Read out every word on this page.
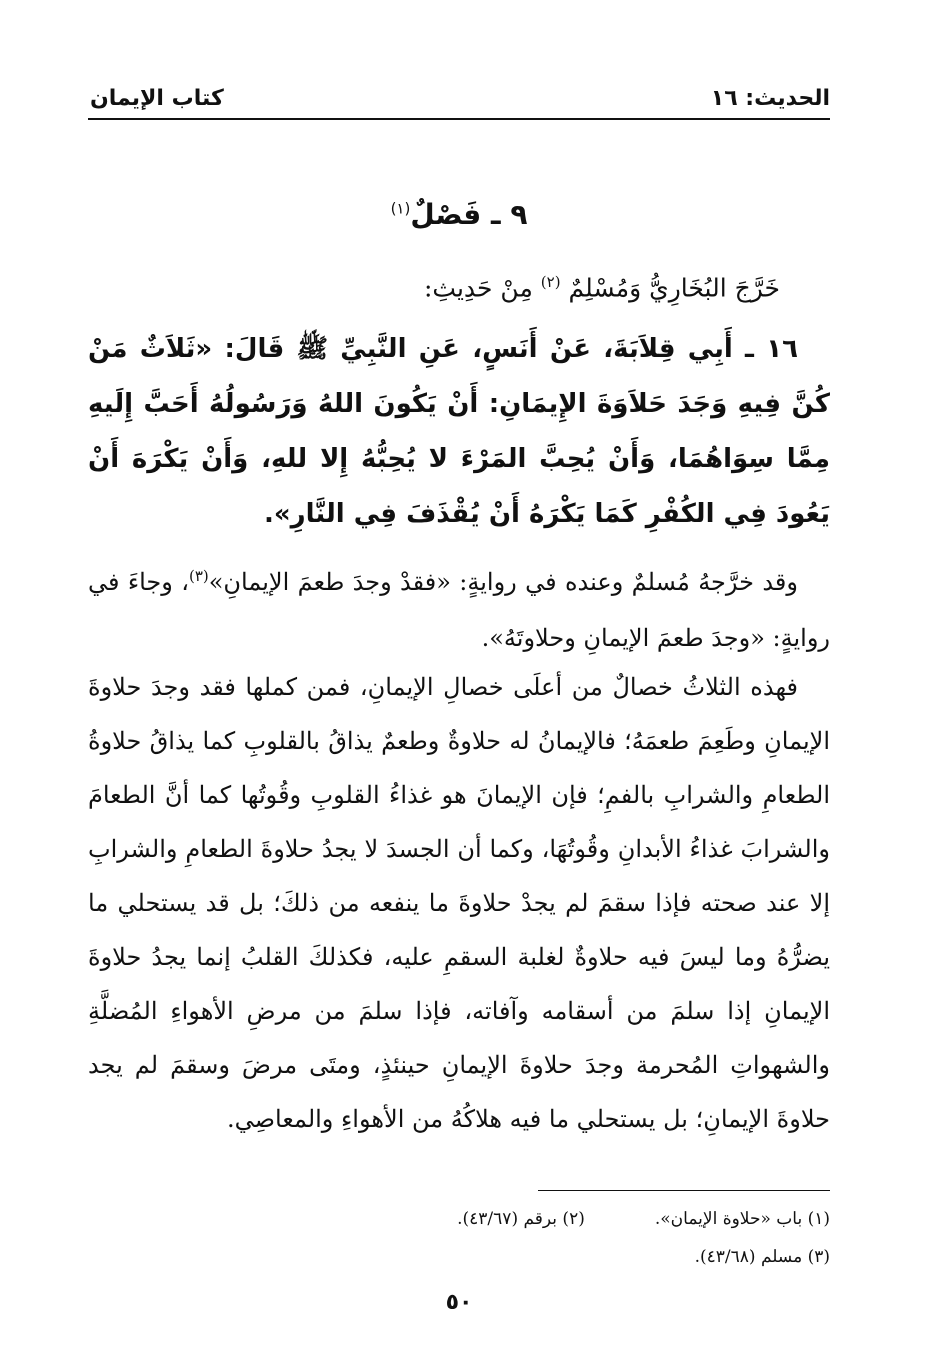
الحديث: ١٦
كتاب الإيمان
٩ ـ فَصْلٌ$^{(١)}$
خَرَّجَ البُخَارِيُّ وَمُسْلِمٌ $^{(٢)}$ مِنْ حَدِيثِ:

١٦ ـ أَبِي قِلاَبَةَ، عَنْ أَنَسٍ، عَنِ النَّبِيِّ ﷺ قَالَ: «ثَلاَثٌ مَنْ كُنَّ فِيهِ وَجَدَ حَلاَوَةَ الإِيمَانِ: أَنْ يَكُونَ اللهُ وَرَسُولُهُ أَحَبَّ إِلَيهِ مِمَّا سِوَاهُمَا، وَأَنْ يُحِبَّ المَرْءَ لا يُحِبُّهُ إِلا للهِ، وَأَنْ يَكْرَهَ أَنْ يَعُودَ فِي الكُفْرِ كَمَا يَكْرَهُ أَنْ يُقْذَفَ فِي النَّارِ».

وقد خرَّجهُ مُسلمٌ وعنده في روايةٍ: «فقدْ وجدَ طعمَ الإيمانِ»$^{(٣)}$، وجاءَ في روايةٍ: «وجدَ طعمَ الإيمانِ وحلاوتَهُ».

فهذه الثلاثُ خصالٌ من أعلَى خصالِ الإيمانِ، فمن كملها فقد وجدَ حلاوةَ الإيمانِ وطَعِمَ طعمَهُ؛ فالإيمانُ له حلاوةٌ وطعمٌ يذاقُ بالقلوبِ كما يذاقُ حلاوةُ الطعامِ والشرابِ بالفمِ؛ فإن الإيمانَ هو غذاءُ القلوبِ وقُوتُها كما أنَّ الطعامَ والشرابَ غذاءُ الأبدانِ وقُوتُهَا، وكما أن الجسدَ لا يجدُ حلاوةَ الطعامِ والشرابِ إلا عند صحته فإذا سقمَ لم يجدْ حلاوةَ ما ينفعه من ذلكَ؛ بل قد يستحلي ما يضرُّهُ وما ليسَ فيه حلاوةٌ لغلبة السقمِ عليه، فكذلكَ القلبُ إنما يجدُ حلاوةَ الإيمانِ إذا سلمَ من أسقامه وآفاته، فإذا سلمَ من مرضِ الأهواءِ المُضلَّةِ والشهواتِ المُحرمة وجدَ حلاوةَ الإيمانِ حينئذٍ، ومتَى مرضَ وسقمَ لم يجد حلاوةَ الإيمانِ؛ بل يستحلي ما فيه هلاكُهُ من الأهواءِ والمعاصِي.

(١) باب «حلاوة الإيمان».
(٢) برقم (٤٣/٦٧).
(٣) مسلم (٤٣/٦٨).
٥٠
